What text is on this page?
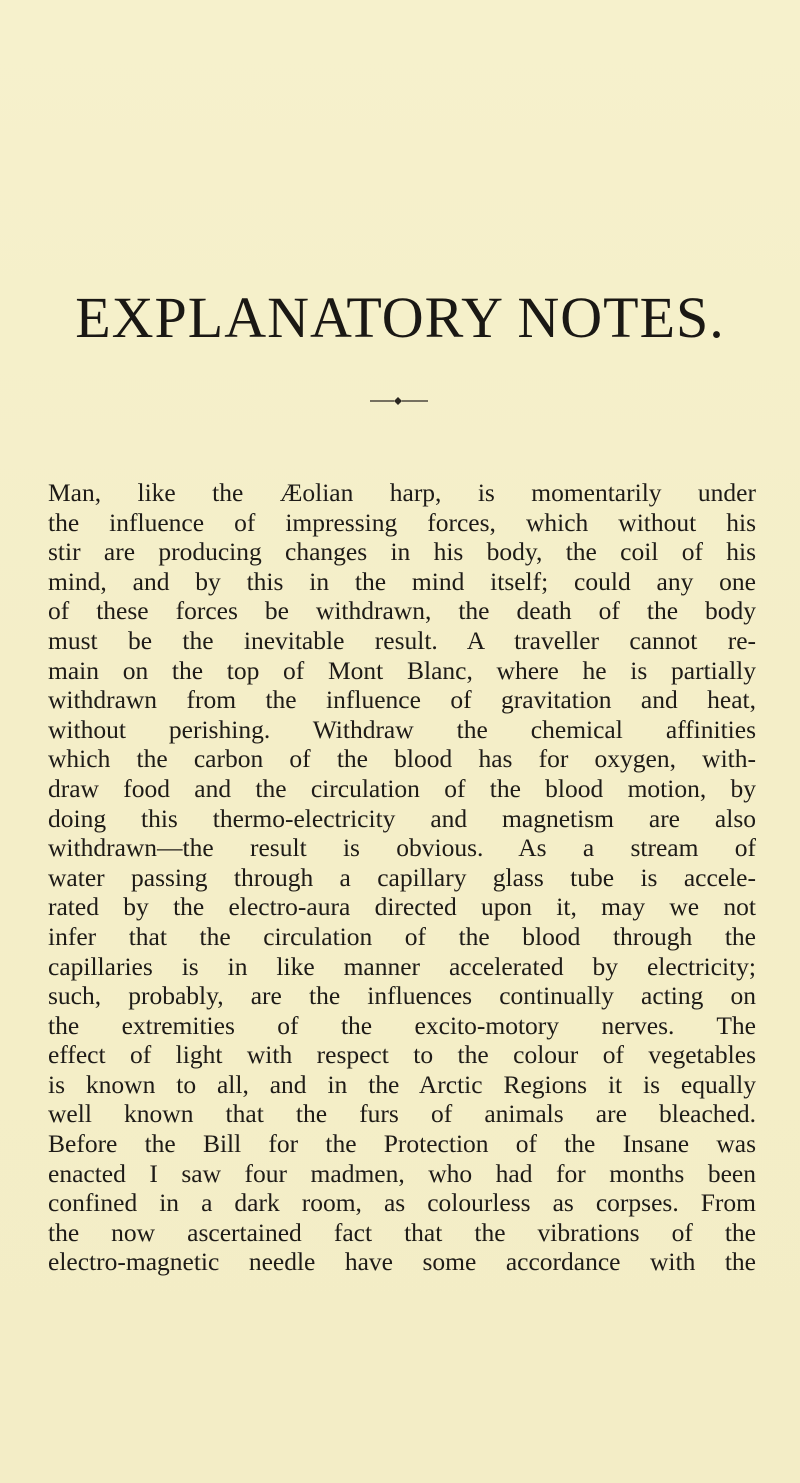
EXPLANATORY NOTES.
Man, like the Æolian harp, is momentarily under
the influence of impressing forces, which without his
stir are producing changes in his body, the coil of his
mind, and by this in the mind itself; could any one
of these forces be withdrawn, the death of the body
must be the inevitable result. A traveller cannot re-
main on the top of Mont Blanc, where he is partially
withdrawn from the influence of gravitation and heat,
without perishing. Withdraw the chemical affinities
which the carbon of the blood has for oxygen, with-
draw food and the circulation of the blood motion, by
doing this thermo-electricity and magnetism are also
withdrawn—the result is obvious. As a stream of
water passing through a capillary glass tube is accele-
rated by the electro-aura directed upon it, may we not
infer that the circulation of the blood through the
capillaries is in like manner accelerated by electricity;
such, probably, are the influences continually acting on
the extremities of the excito-motory nerves. The
effect of light with respect to the colour of vegetables
is known to all, and in the Arctic Regions it is equally
well known that the furs of animals are bleached.
Before the Bill for the Protection of the Insane was
enacted I saw four madmen, who had for months been
confined in a dark room, as colourless as corpses. From
the now ascertained fact that the vibrations of the
electro-magnetic needle have some accordance with the
